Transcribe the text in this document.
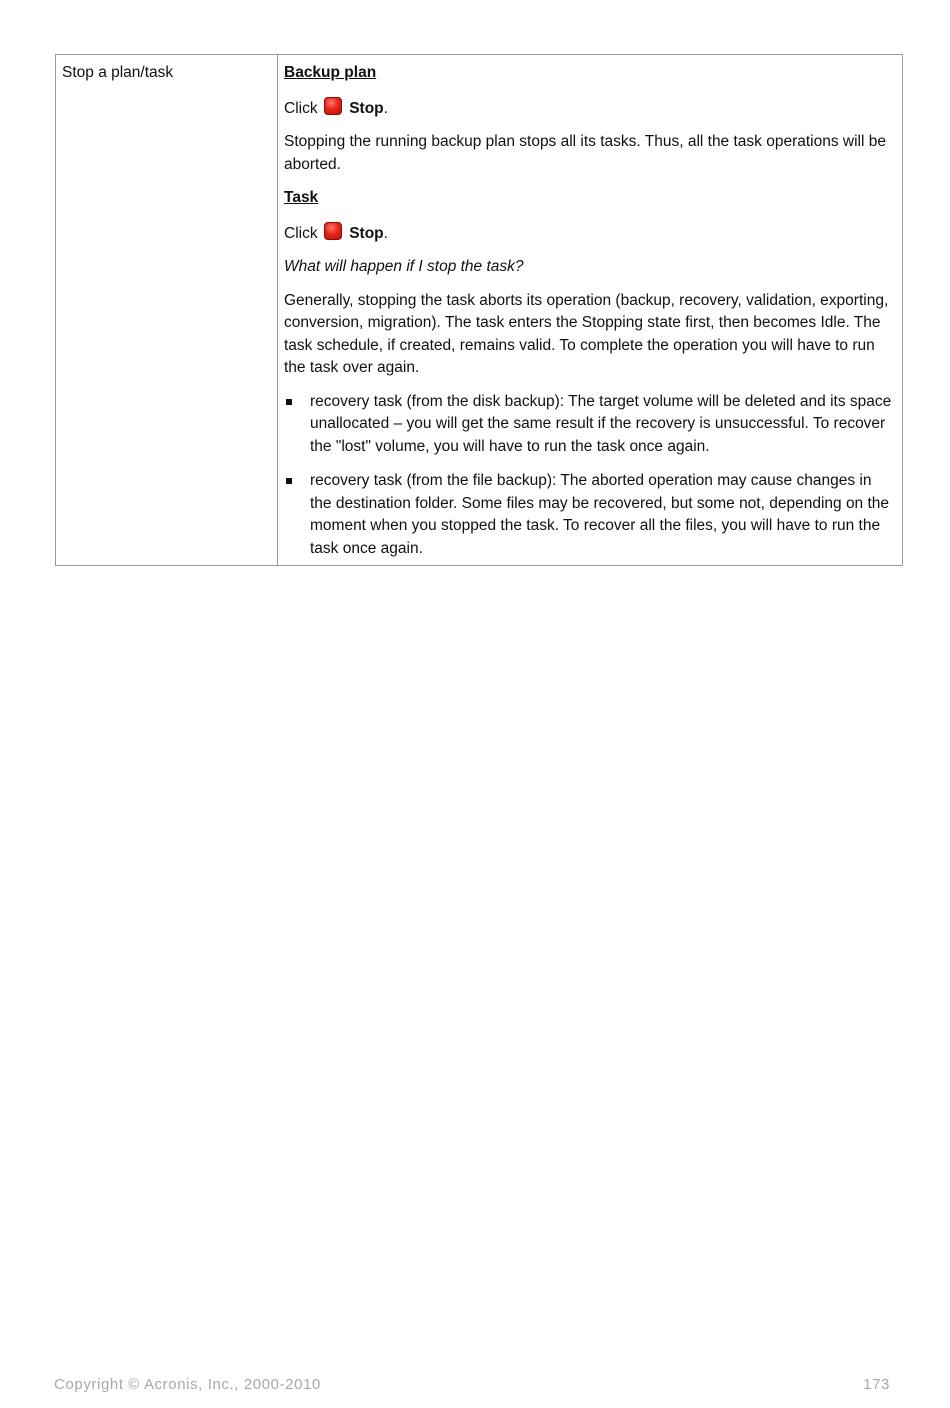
Stop a plan/task	Backup plan
Click Stop.

Stopping the running backup plan stops all its tasks. Thus, all the task operations will be aborted.

Task
Click Stop.

What will happen if I stop the task?

Generally, stopping the task aborts its operation (backup, recovery, validation, exporting, conversion, migration). The task enters the Stopping state first, then becomes Idle. The task schedule, if created, remains valid. To complete the operation you will have to run the task over again.

recovery task (from the disk backup): The target volume will be deleted and its space unallocated – you will get the same result if the recovery is unsuccessful. To recover the "lost" volume, you will have to run the task once again.
recovery task (from the file backup): The aborted operation may cause changes in the destination folder. Some files may be recovered, but some not, depending on the moment when you stopped the task. To recover all the files, you will have to run the task once again.
Copyright © Acronis, Inc., 2000-2010	173
